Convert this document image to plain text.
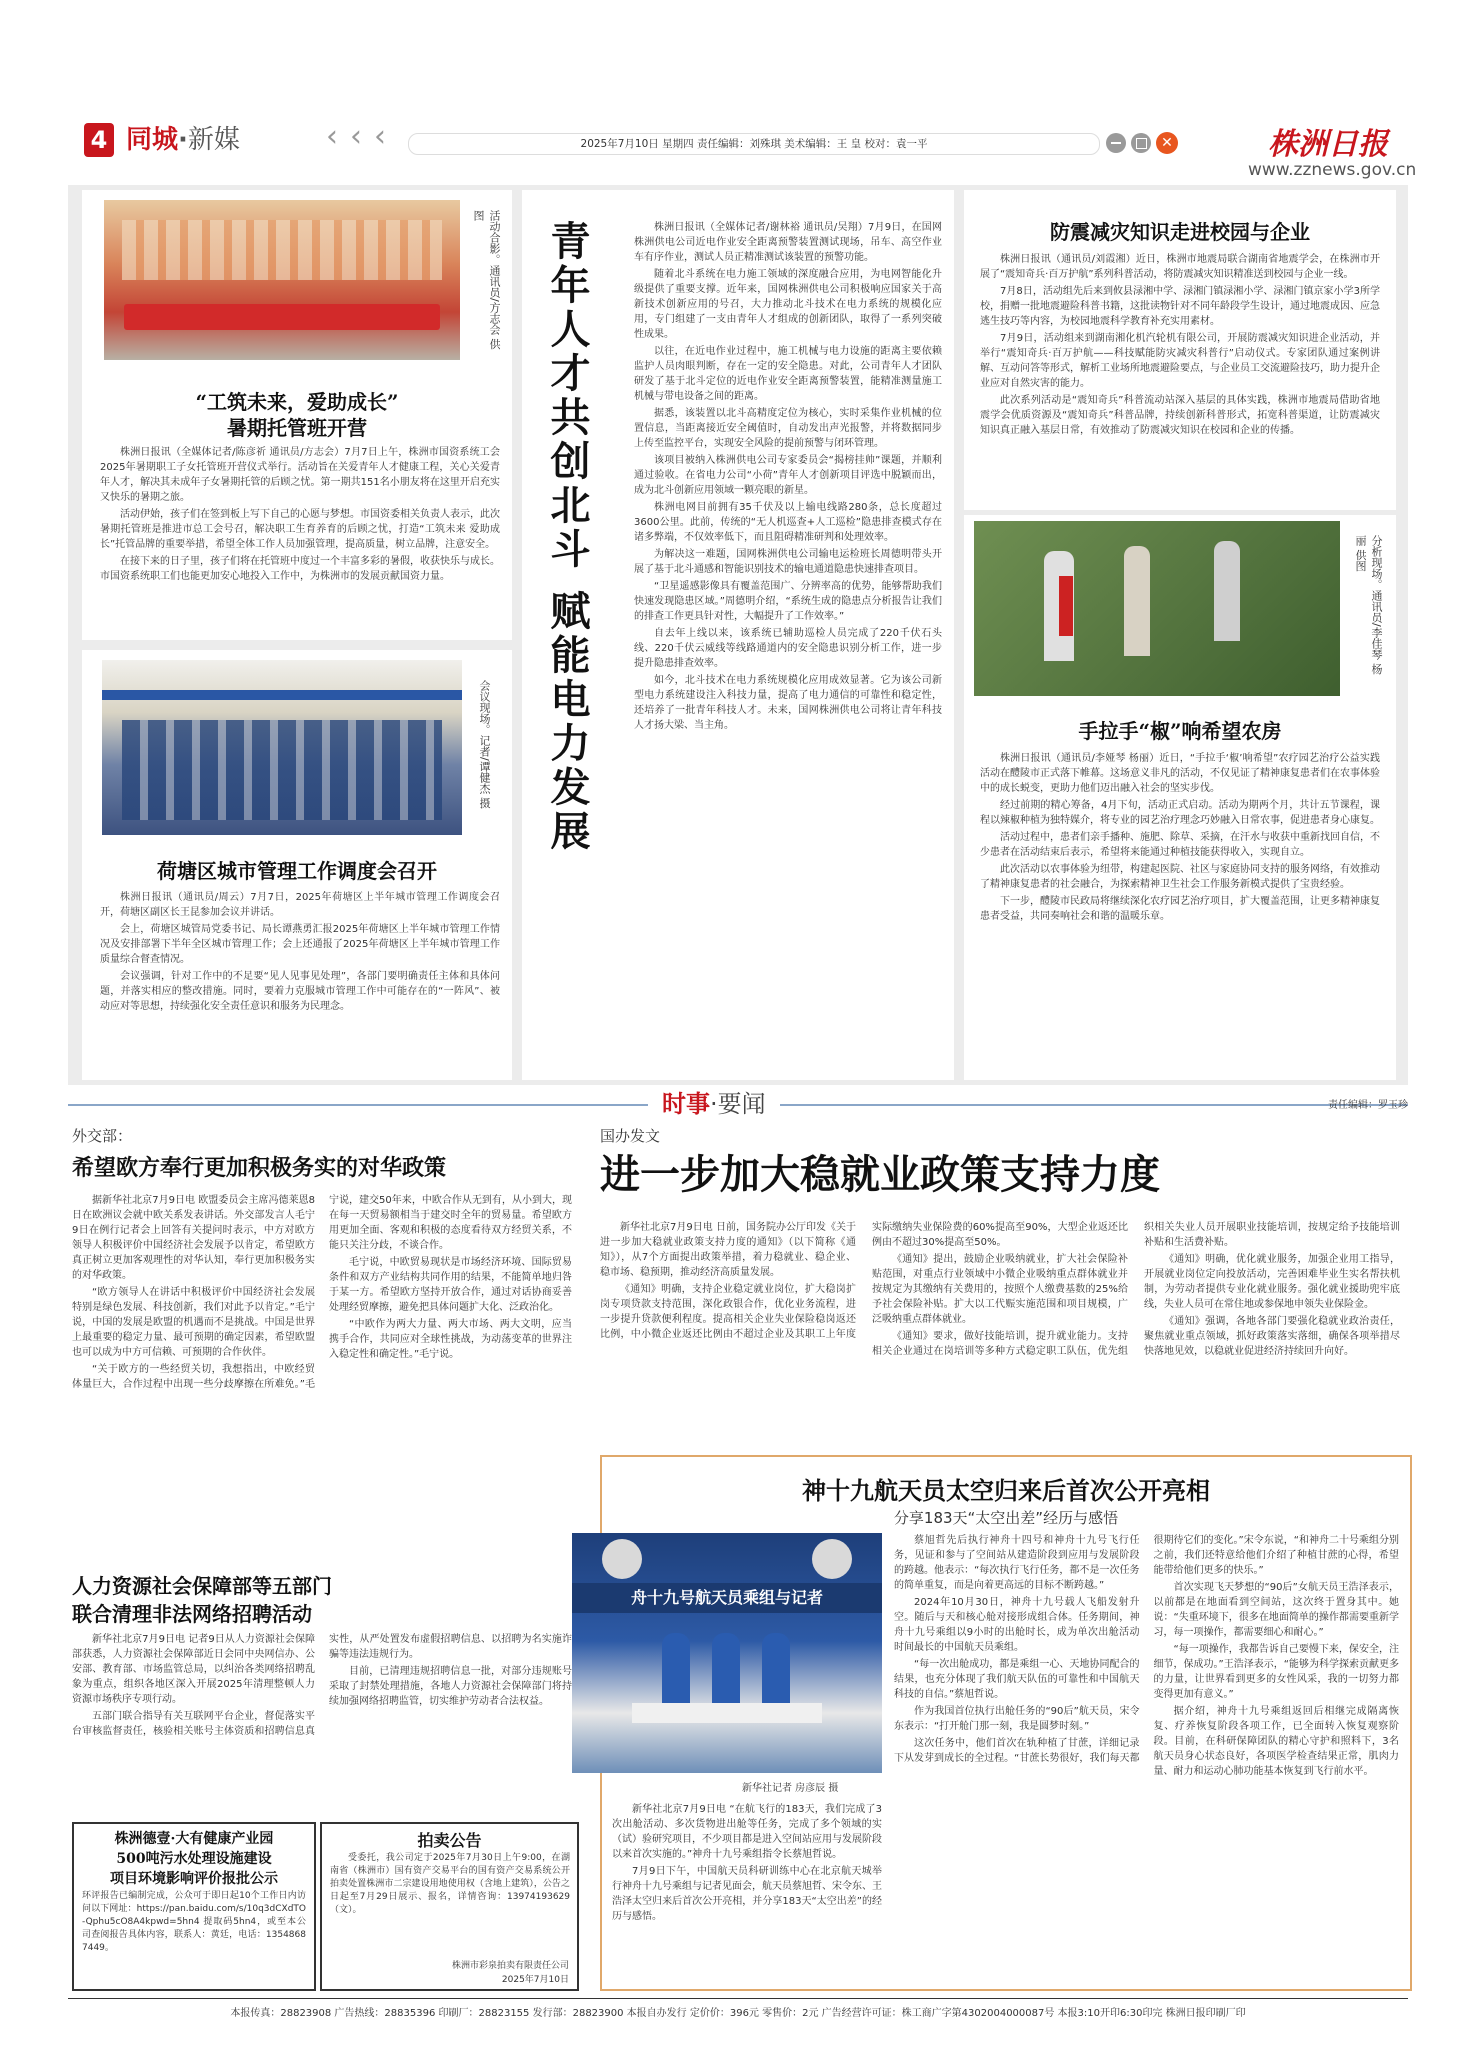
4 同城·新媒	‹ ‹ ‹	2025年7月10日 星期四 责任编辑：刘殊琪 美术编辑：王 皇 校对：袁一平	✕	株洲日报
www.zznews.gov.cn
活动合影。通讯员/方志会 供图
“工筑未来，爱助成长”
暑期托管班开营

株洲日报讯（全媒体记者/陈彦祈 通讯员/方志会）7月7日上午，株洲市国资系统工会2025年暑期职工子女托管班开营仪式举行。活动旨在关爱青年人才健康工程，关心关爱青年人才，解决其未成年子女暑期托管的后顾之忧。第一期共151名小朋友将在这里开启充实又快乐的暑期之旅。

活动伊始，孩子们在签到板上写下自己的心愿与梦想。市国资委相关负责人表示，此次暑期托管班是推进市总工会号召，解决职工生育养育的后顾之忧，打造“工筑未来 爱助成长”托管品牌的重要举措，希望全体工作人员加强管理，提高质量，树立品牌，注意安全。

在接下来的日子里，孩子们将在托管班中度过一个丰富多彩的暑假，收获快乐与成长。市国资系统职工们也能更加安心地投入工作中，为株洲市的发展贡献国资力量。

会议现场。记者/谭健杰 摄
荷塘区城市管理工作调度会召开

株洲日报讯（通讯员/周云）7月7日，2025年荷塘区上半年城市管理工作调度会召开，荷塘区副区长王昆参加会议并讲话。

会上，荷塘区城管局党委书记、局长谭燕勇汇报2025年荷塘区上半年城市管理工作情况及安排部署下半年全区城市管理工作；会上还通报了2025年荷塘区上半年城市管理工作质量综合督查情况。

会议强调，针对工作中的不足要“见人见事见处理”，各部门要明确责任主体和具体问题，并落实相应的整改措施。同时，要着力克服城市管理工作中可能存在的“一阵风”、被动应对等思想，持续强化安全责任意识和服务为民理念。

青年人才共创北斗 赋能电力发展	株洲日报讯（全媒体记者/谢林裕 通讯员/吴翔）7月9日，在国网株洲供电公司近电作业安全距离预警装置测试现场，吊车、高空作业车有序作业，测试人员正精准测试该装置的预警功能。

随着北斗系统在电力施工领域的深度融合应用，为电网智能化升级提供了重要支撑。近年来，国网株洲供电公司积极响应国家关于高新技术创新应用的号召，大力推动北斗技术在电力系统的规模化应用，专门组建了一支由青年人才组成的创新团队，取得了一系列突破性成果。

以往，在近电作业过程中，施工机械与电力设施的距离主要依赖监护人员肉眼判断，存在一定的安全隐患。对此，公司青年人才团队研发了基于北斗定位的近电作业安全距离预警装置，能精准测量施工机械与带电设备之间的距离。

据悉，该装置以北斗高精度定位为核心，实时采集作业机械的位置信息，当距离接近安全阈值时，自动发出声光报警，并将数据同步上传至监控平台，实现安全风险的提前预警与闭环管理。

该项目被纳入株洲供电公司专家委员会“揭榜挂帅”课题，并顺利通过验收。在省电力公司“小荷”青年人才创新项目评选中脱颖而出，成为北斗创新应用领域一颗亮眼的新星。

株洲电网目前拥有35千伏及以上输电线路280条，总长度超过3600公里。此前，传统的“无人机巡查+人工巡检”隐患排查模式存在诸多弊端，不仅效率低下，而且阻碍精准研判和处理效率。

为解决这一难题，国网株洲供电公司输电运检班长周德明带头开展了基于北斗通感和智能识别技术的输电通道隐患快速排查项目。

“卫星遥感影像具有覆盖范围广、分辨率高的优势，能够帮助我们快速发现隐患区域。”周德明介绍，“系统生成的隐患点分析报告让我们的排查工作更具针对性，大幅提升了工作效率。”

自去年上线以来，该系统已辅助巡检人员完成了220千伏石头线、220千伏云威线等线路通道内的安全隐患识别分析工作，进一步提升隐患排查效率。

如今，北斗技术在电力系统规模化应用成效显著。它为该公司新型电力系统建设注入科技力量，提高了电力通信的可靠性和稳定性，还培养了一批青年科技人才。未来，国网株洲供电公司将让青年科技人才扬大梁、当主角。

防震减灾知识走进校园与企业

株洲日报讯（通讯员/刘霞湘）近日，株洲市地震局联合湖南省地震学会，在株洲市开展了“震知奇兵·百万护航”系列科普活动，将防震减灾知识精准送到校园与企业一线。

7月8日，活动组先后来到攸县渌湘中学、渌湘门镇渌湘小学、渌湘门镇京家小学3所学校，捐赠一批地震避险科普书籍，这批读物针对不同年龄段学生设计，通过地震成因、应急逃生技巧等内容，为校园地震科学教育补充实用素材。

7月9日，活动组来到湖南湘化机汽轮机有限公司，开展防震减灾知识进企业活动，并举行“震知奇兵·百万护航——科技赋能防灾减灾科普行”启动仪式。专家团队通过案例讲解、互动问答等形式，解析工业场所地震避险要点，与企业员工交流避险技巧，助力提升企业应对自然灾害的能力。

此次系列活动是“震知奇兵”科普流动站深入基层的具体实践，株洲市地震局借助省地震学会优质资源及“震知奇兵”科普品牌，持续创新科普形式，拓宽科普渠道，让防震减灾知识真正融入基层日常，有效推动了防震减灾知识在校园和企业的传播。

分析现场。通讯员/李佳琴 杨丽 供图
手拉手“椒”响希望农房

株洲日报讯（通讯员/李娅琴 杨丽）近日，“手拉手‘椒’响希望”农疗园艺治疗公益实践活动在醴陵市正式落下帷幕。这场意义非凡的活动，不仅见证了精神康复患者们在农事体验中的成长蜕变，更助力他们迈出融入社会的坚实步伐。

经过前期的精心筹备，4月下旬，活动正式启动。活动为期两个月，共计五节课程，课程以辣椒种植为独特媒介，将专业的园艺治疗理念巧妙融入日常农事，促进患者身心康复。

活动过程中，患者们亲手播种、施肥、除草、采摘，在汗水与收获中重新找回自信，不少患者在活动结束后表示，希望将来能通过种植技能获得收入，实现自立。

此次活动以农事体验为纽带，构建起医院、社区与家庭协同支持的服务网络，有效推动了精神康复患者的社会融合，为探索精神卫生社会工作服务新模式提供了宝贵经验。

下一步，醴陵市民政局将继续深化农疗园艺治疗项目，扩大覆盖范围，让更多精神康复患者受益，共同奏响社会和谐的温暖乐章。

时事·要闻	责任编辑：罗玉珍
外交部：
希望欧方奉行更加积极务实的对华政策

据新华社北京7月9日电 欧盟委员会主席冯德莱恩8日在欧洲议会就中欧关系发表讲话。外交部发言人毛宁9日在例行记者会上回答有关提问时表示，中方对欧方领导人积极评价中国经济社会发展予以肯定，希望欧方真正树立更加客观理性的对华认知，奉行更加积极务实的对华政策。

“欧方领导人在讲话中积极评价中国经济社会发展特别是绿色发展、科技创新，我们对此予以肯定。”毛宁说，中国的发展是欧盟的机遇而不是挑战。中国是世界上最重要的稳定力量、最可预期的确定因素，希望欧盟也可以成为中方可信赖、可预期的合作伙伴。

“关于欧方的一些经贸关切，我想指出，中欧经贸体量巨大，合作过程中出现一些分歧摩擦在所难免。”毛宁说，建交50年来，中欧合作从无到有，从小到大，现在每一天贸易额相当于建交时全年的贸易量。希望欧方用更加全面、客观和积极的态度看待双方经贸关系，不能只关注分歧，不谈合作。

毛宁说，中欧贸易现状是市场经济环境、国际贸易条件和双方产业结构共同作用的结果，不能简单地归咎于某一方。希望欧方坚持开放合作，通过对话协商妥善处理经贸摩擦，避免把具体问题扩大化、泛政治化。

“中欧作为两大力量、两大市场、两大文明，应当携手合作，共同应对全球性挑战，为动荡变革的世界注入稳定性和确定性。”毛宁说。

国办发文
进一步加大稳就业政策支持力度

新华社北京7月9日电 日前，国务院办公厅印发《关于进一步加大稳就业政策支持力度的通知》（以下简称《通知》），从7个方面提出政策举措，着力稳就业、稳企业、稳市场、稳预期，推动经济高质量发展。

《通知》明确，支持企业稳定就业岗位，扩大稳岗扩岗专项贷款支持范围，深化政银合作，优化业务流程，进一步提升贷款便利程度。提高相关企业失业保险稳岗返还比例，中小微企业返还比例由不超过企业及其职工上年度实际缴纳失业保险费的60%提高至90%，大型企业返还比例由不超过30%提高至50%。

《通知》提出，鼓励企业吸纳就业，扩大社会保险补贴范围，对重点行业领域中小微企业吸纳重点群体就业并按规定为其缴纳有关费用的，按照个人缴费基数的25%给予社会保险补贴。扩大以工代赈实施范围和项目规模，广泛吸纳重点群体就业。

《通知》要求，做好技能培训，提升就业能力。支持相关企业通过在岗培训等多种方式稳定职工队伍，优先组织相关失业人员开展职业技能培训，按规定给予技能培训补贴和生活费补贴。

《通知》明确，优化就业服务，加强企业用工指导，开展就业岗位定向投放活动，完善困难毕业生实名帮扶机制，为劳动者提供专业化就业服务。强化就业援助兜牢底线，失业人员可在常住地或参保地申领失业保险金。

《通知》强调，各地各部门要强化稳就业政治责任，聚焦就业重点领域，抓好政策落实落细，确保各项举措尽快落地见效，以稳就业促进经济持续回升向好。

人力资源社会保障部等五部门
联合清理非法网络招聘活动

新华社北京7月9日电 记者9日从人力资源社会保障部获悉，人力资源社会保障部近日会同中央网信办、公安部、教育部、市场监管总局，以纠治各类网络招聘乱象为重点，组织各地区深入开展2025年清理整顿人力资源市场秩序专项行动。

五部门联合指导有关互联网平台企业，督促落实平台审核监督责任，核验相关账号主体资质和招聘信息真实性，从严处置发布虚假招聘信息、以招聘为名实施诈骗等违法违规行为。

目前，已清理违规招聘信息一批，对部分违规账号采取了封禁处理措施，各地人力资源社会保障部门将持续加强网络招聘监管，切实维护劳动者合法权益。

株洲德壹·大有健康产业园
500吨污水处理设施建设
项目环境影响评价报批公示
环评报告已编制完成，公众可于即日起10个工作日内访问以下网址：https://pan.baidu.com/s/10q3dCXdTO-Qphu5cO8A4kpwd=5hn4 提取码5hn4，或至本公司查阅报告具体内容，联系人：黄廷，电话：13548687449。
拍卖公告
受委托，我公司定于2025年7月30日上午9:00，在湖南省（株洲市）国有资产交易平台的国有资产交易系统公开拍卖处置株洲市二宗建设用地使用权（含地上建筑），公告之日起至7月29日展示、报名，详情咨询：13974193629（文）。
株洲市彩泉拍卖有限责任公司
2025年7月10日
神十九航天员太空归来后首次公开亮相
分享183天“太空出差”经历与感悟
舟十九号航天员乘组与记者
新华社记者 房彦辰 摄

新华社北京7月9日电 “在航飞行的183天，我们完成了3次出舱活动、多次货物进出舱等任务，完成了多个领域的实（试）验研究项目，不少项目都是进入空间站应用与发展阶段以来首次实施的。”神舟十九号乘组指令长蔡旭哲说。

7月9日下午，中国航天员科研训练中心在北京航天城举行神舟十九号乘组与记者见面会，航天员蔡旭哲、宋令东、王浩泽太空归来后首次公开亮相，并分享183天“太空出差”的经历与感悟。

蔡旭哲先后执行神舟十四号和神舟十九号飞行任务，见证和参与了空间站从建造阶段到应用与发展阶段的跨越。他表示：“每次执行飞行任务，都不是一次任务的简单重复，而是向着更高远的目标不断跨越。”

2024年10月30日，神舟十九号载人飞船发射升空。随后与天和核心舱对接形成组合体。任务期间，神舟十九号乘组以9小时的出舱时长，成为单次出舱活动时间最长的中国航天员乘组。

“每一次出舱成功，都是乘组一心、天地协同配合的结果，也充分体现了我们航天队伍的可靠性和中国航天科技的自信。”蔡旭哲说。

作为我国首位执行出舱任务的“90后”航天员，宋令东表示：“打开舱门那一刻，我是圆梦时刻。”

这次任务中，他们首次在轨种植了甘蔗，详细记录下从发芽到成长的全过程。“甘蔗长势很好，我们每天都很期待它们的变化。”宋令东说，“和神舟二十号乘组分别之前，我们还特意给他们介绍了种植甘蔗的心得，希望能带给他们更多的快乐。”

首次实现飞天梦想的“90后”女航天员王浩泽表示，以前都是在地面看到空间站，这次终于置身其中。她说：“失重环境下，很多在地面简单的操作都需要重新学习，每一项操作，都需要细心和耐心。”

“每一项操作，我都告诉自己要慢下来，保安全，注细节，保成功。”王浩泽表示，“能够为科学探索贡献更多的力量，让世界看到更多的女性风采，我的一切努力都变得更加有意义。”

据介绍，神舟十九号乘组返回后相继完成隔离恢复、疗养恢复阶段各项工作，已全面转入恢复观察阶段。目前，在科研保障团队的精心守护和照料下，3名航天员身心状态良好，各项医学检查结果正常，肌肉力量、耐力和运动心肺功能基本恢复到飞行前水平。

本报传真：28823908 广告热线：28835396 印刷厂：28823155 发行部：28823900 本报自办发行 定价价：396元 零售价：2元 广告经营许可证：株工商广字第4302004000087号 本报3:10开印6:30印完 株洲日报印刷厂印
